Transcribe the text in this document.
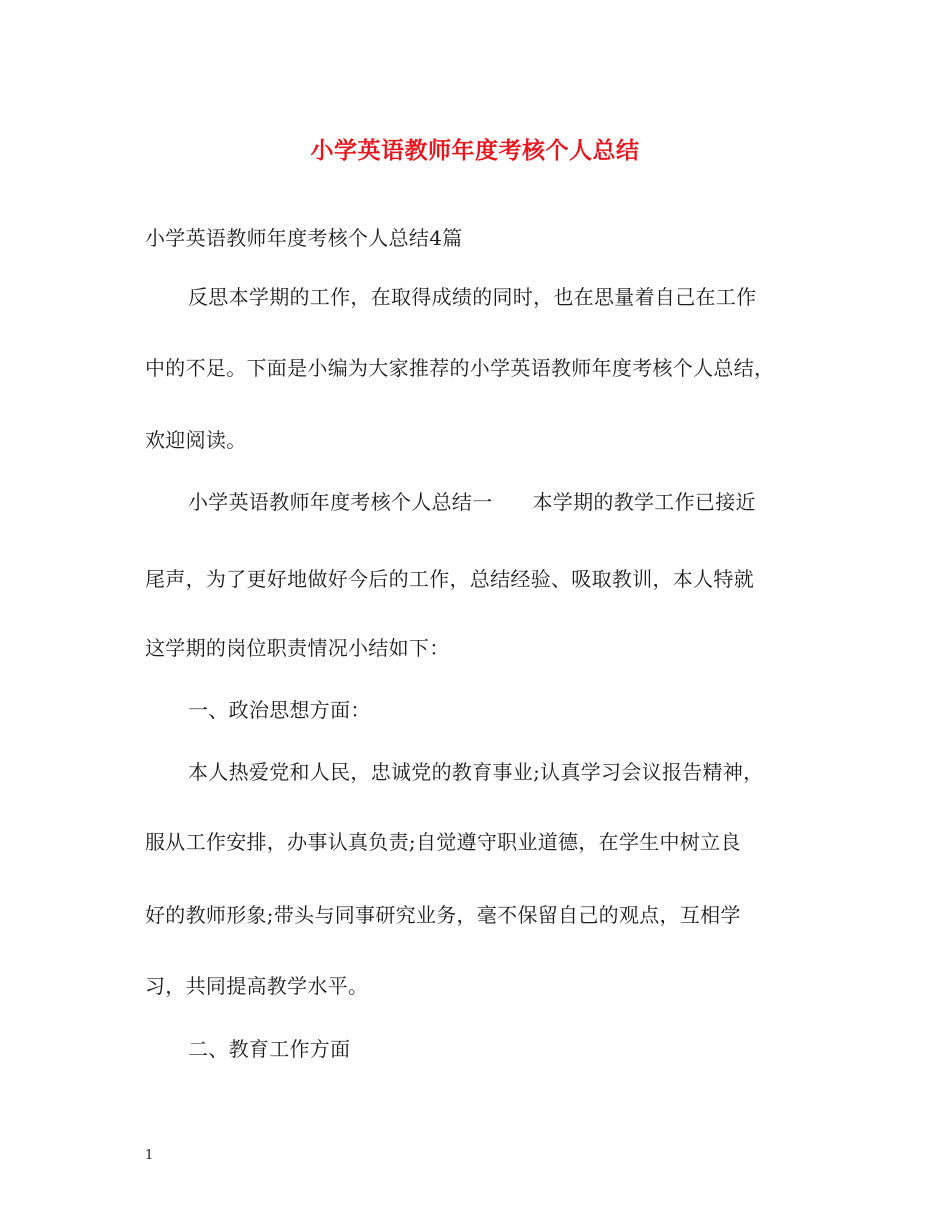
小学英语教师年度考核个人总结
小学英语教师年度考核个人总结4篇
反思本学期的工作，在取得成绩的同时，也在思量着自己在工作
中的不足。下面是小编为大家推荐的小学英语教师年度考核个人总结，
欢迎阅读。
小学英语教师年度考核个人总结一 本学期的教学工作已接近
尾声，为了更好地做好今后的工作，总结经验、吸取教训，本人特就
这学期的岗位职责情况小结如下：
一、政治思想方面：
本人热爱党和人民，忠诚党的教育事业;认真学习会议报告精神，
服从工作安排，办事认真负责;自觉遵守职业道德，在学生中树立良
好的教师形象;带头与同事研究业务，毫不保留自己的观点，互相学
习，共同提高教学水平。
二、教育工作方面
1
